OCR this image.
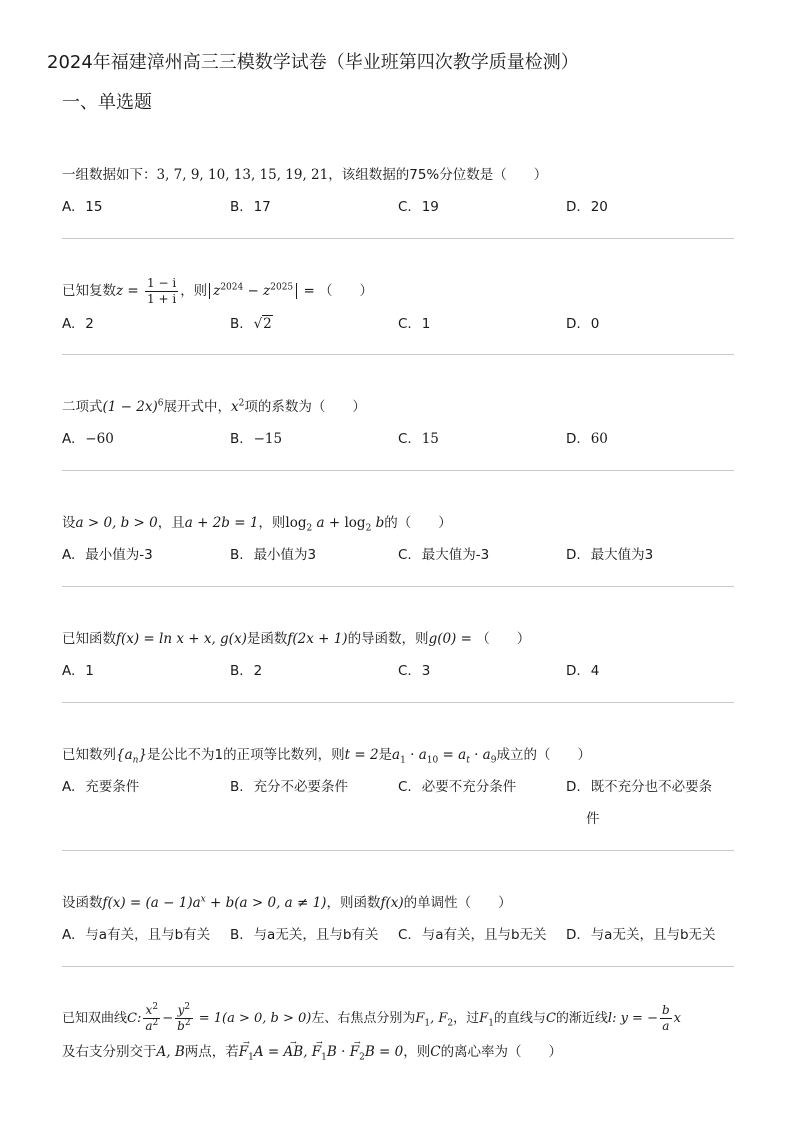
2024年福建漳州高三三模数学试卷（毕业班第四次教学质量检测）
一、单选题
一组数据如下：3, 7, 9, 10, 13, 15, 19, 21，该组数据的75%分位数是（　　）
A. 15	B. 17	C. 19	D. 20
已知复数$z = \frac{1 - i}{1 + i}$ ，则 $z^{2024} - z^{2025}$ = （　　）
A. 2	B. √2	C. 1	D. 0
二项式$(1 - 2x)^6$展开式中，$x^2$项的系数为（　　）
A. −60	B. −15	C. 15	D. 60
设a > 0, b > 0，且a + 2b = 1，则$\log_2 a + \log_2 b$的（　　）
A. 最小值为-3	B. 最小值为3	C. 最大值为-3	D. 最大值为3
已知函数f(x) = ln x + x, g(x)是函数f(2x + 1)的导函数，则g(0) = （　　）
A. 1	B. 2	C. 3	D. 4
已知数列$\{a_n\}$是公比不为1的正项等比数列，则t = 2是$a_1 \cdot a_{10} = a_t \cdot a_9$成立的（　　）
A. 充要条件	B. 充分不必要条件	C. 必要不充分条件	D. 既不充分也不必要条
件
设函数$f(x) = (a - 1)a^x + b(a > 0$, a ≠ 1)，则函数f(x)的单调性（　　）
A. 与a有关，且与b有关 B. 与a无关，且与b有关 C. 与a有关，且与b无关 D. 与a无关，且与b无关
已知双曲线C: $\frac{x^2}{a^2} - \frac{y^2}{b^2} = 1(a > 0$, b > 0)左、右焦点分别为$F_1$, $F_2$，过$F_1$的直线与C的渐近线l: y = − $\frac{b}{a}$ x
及右支分别交于A, B两点，若→ $F_1A$ = → AB, → $F_1B$ · → $F_2B = 0$，则C的离心率为（　　）
